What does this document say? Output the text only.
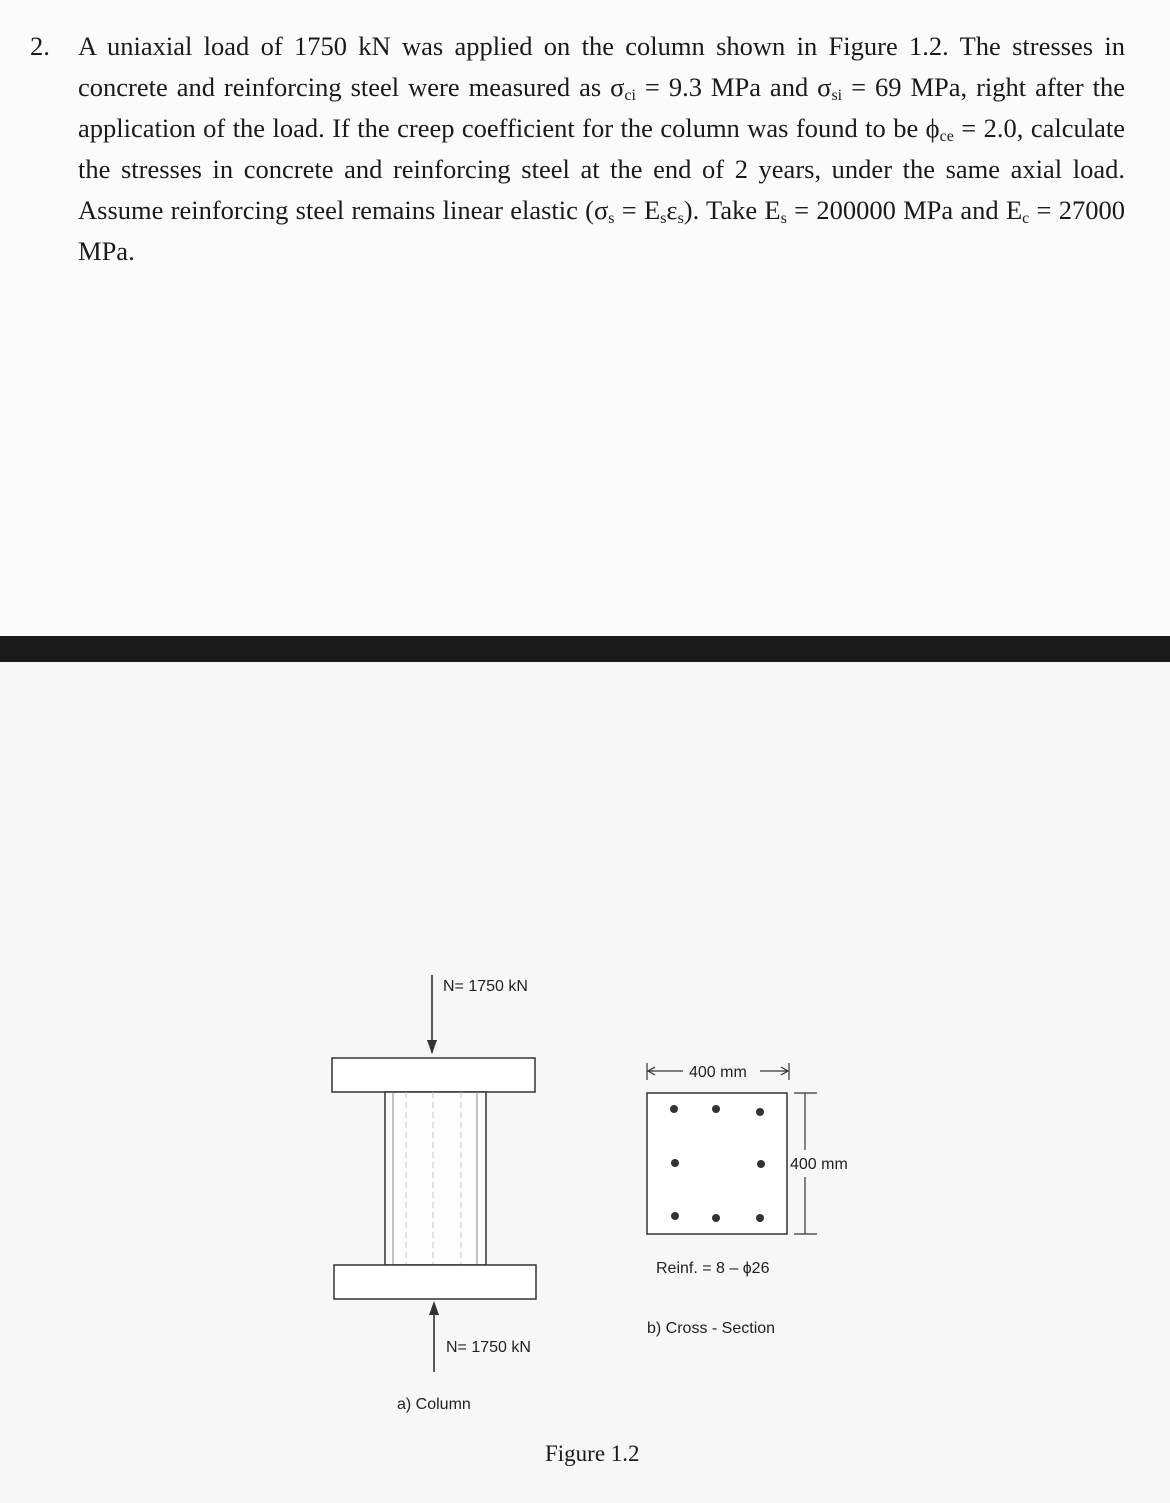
2. A uniaxial load of 1750 kN was applied on the column shown in Figure 1.2. The stresses in concrete and reinforcing steel were measured as $\sigma_{ci} = 9.3$ MPa and $\sigma_{si} = 69$ MPa, right after the application of the load. If the creep coefficient for the column was found to be $\phi_{ce} = 2.0$, calculate the stresses in concrete and reinforcing steel at the end of 2 years, under the same axial load. Assume reinforcing steel remains linear elastic $(\sigma_s = E_s\varepsilon_s)$. Take $E_s = 200000$ MPa and $E_c = 27000$ MPa.
N= 1750 kN
N= 1750 kN
a) Column
400 mm
400 mm
Reinf. = 8 – ϕ26
b) Cross - Section
Figure 1.2
